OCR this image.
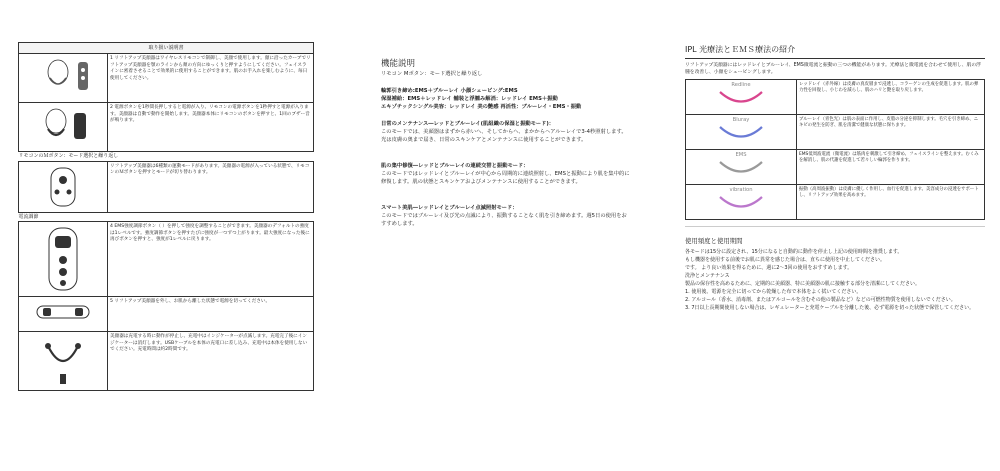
取り扱い説明書	

	1 リフトアップ美顔器はワイヤレスリモコンで制御し、美顔で使用します。顔に沿ったカーブでリフトアップ美顔器を顎のラインから頬の方向にゆっくりと押すようにしてください。フェイスラインに密着させることで効果的に使用することができます。肌のお手入れを楽しむように、毎日使用してください。

	2 電源ボタンを1秒間長押しすると電源が入り、リモコンの電源ボタンを1秒押すと電源が入ります。美顔器は自動で動作を開始します。美顔器本体にリモコンのボタンを押すと、1回のブザー音が鳴ります。
リモコンのＭボタン：モード選択と繰り返し	

	リフトアップ美顔器は6種類の運動モードがあります。美顔器の電源が入っている状態で、リモコンのＭボタンを押すとモードが切り替わります。
電流調節	

	4 EMS強度調節ボタン（ ）を押して強度を調整することができます。美顔器のデフォルトの強度は1レベルです。強度調節ボタンを押すたびに強度が一つずつ上がります。最大強度になった後に再びボタンを押すと、強度が1レベルに戻ります。

	5 リフトアップ美顔器を外し、お肌から離した状態で電源を切ってください。

	美顔器は充電する時に動作が停止し、充電中はインジケーターが点滅します。充電完了後にインジケーターは消灯します。USBケーブルを本体の充電口に差し込み、充電中は本体を使用しないでください。充電時間は約2時間です。
機能説明

リモコン Mボタン：モード選択と繰り返し

輪郭引き締め:EMS＋ブルーレイ 小顔シェービング:EMS

保湿補給：EMS＋レッドレイ 舗装と浮腫み解消：レッドレイ EMS＋振動

エキゾチックシングル美容：レッドレイ 美の艶感 再活性：ブルーレイ・EMS・振動

日常のメンテナンス―レッドとブルーレイ(肌組織の保湿と振動モード)：

このモードでは、美顔器はまずから赤いへ、そしてからへ、まかからヘアルーレイで3-4秒照射します。光は皮膚の奥まで届き、日常のスキンケアとメンテナンスに使用することができます。

肌の集中修復―レッドとブルーレイの連続交替と振動モード：

このモードではレッドレイとブルーレイが中心から周期的に連続照射し、EMSと振動により肌を集中的に修復します。肌の状態とスキンケアおよびメンテナンスに使用することができます。

スマート美肌―レッドレイとブルーレイ点滅照射モード：

このモードではブルーレイ及び光の点滅により、振動することなく肌を引き締めます。週5日の使用をおすすめします。

IPL 光療法とＥＭＳ療法の紹介
リフトアップ美顔器にはレッドレイとブルーレイ、EMS微電流と振動の三つの機能があります。光療法と微電流を合わせて使用し、肌の浮腫を改善し、小顔をシェービングします。
Redline	レッドレイ（赤外線）は皮膚の真皮層まで浸透し、コラーゲンの生成を促進します。肌の弾力性を回復し、小じわを減らし、肌のハリと艶を取り戻します。

Bluray	ブルーレイ（青色光）は肌の表面に作用し、皮脂の分泌を抑制します。毛穴を引き締め、ニキビの発生を防ぎ、肌を清潔で健康な状態に保ちます。

EMS	EMS低周波電流（微電流）は筋肉を刺激して引き締め、フェイスラインを整えます。むくみを解消し、肌の代謝を促進して若々しい輪郭を作ります。

vibration	振動（高周波振動）は皮膚に優しく作用し、血行を促進します。美容成分の浸透をサポートし、リフトアップ効果を高めます。
使用頻度と使用期間

各モードは15分に設定され、15分になると自動的に動作を停止し上記の使用時間を推奨します。

もし機器を使用する前後でお肌に異常を感じた場合は、直ちに使用を中止してください。

です。 より良い効果を得るために、週に2～3回の使用をおすすめします。

洗浄とメンテナンス

製品の保存性を高めるために、定期的に美顔器、特に美顔器の肌に接触する部分を清潔にしてください。

1. 使用後、電源を完全に切ってから乾燥した布で本体をよく拭いてください。

2. アルコール（香水、消毒剤、またはアルコールを含むその他の製品など）などの可燃性物質を使用しないでください。

3. 7日以上長期間使用しない場合は、レギュレーターと充電ケーブルを分離した後、必ず電源を切った状態で保管してください。
